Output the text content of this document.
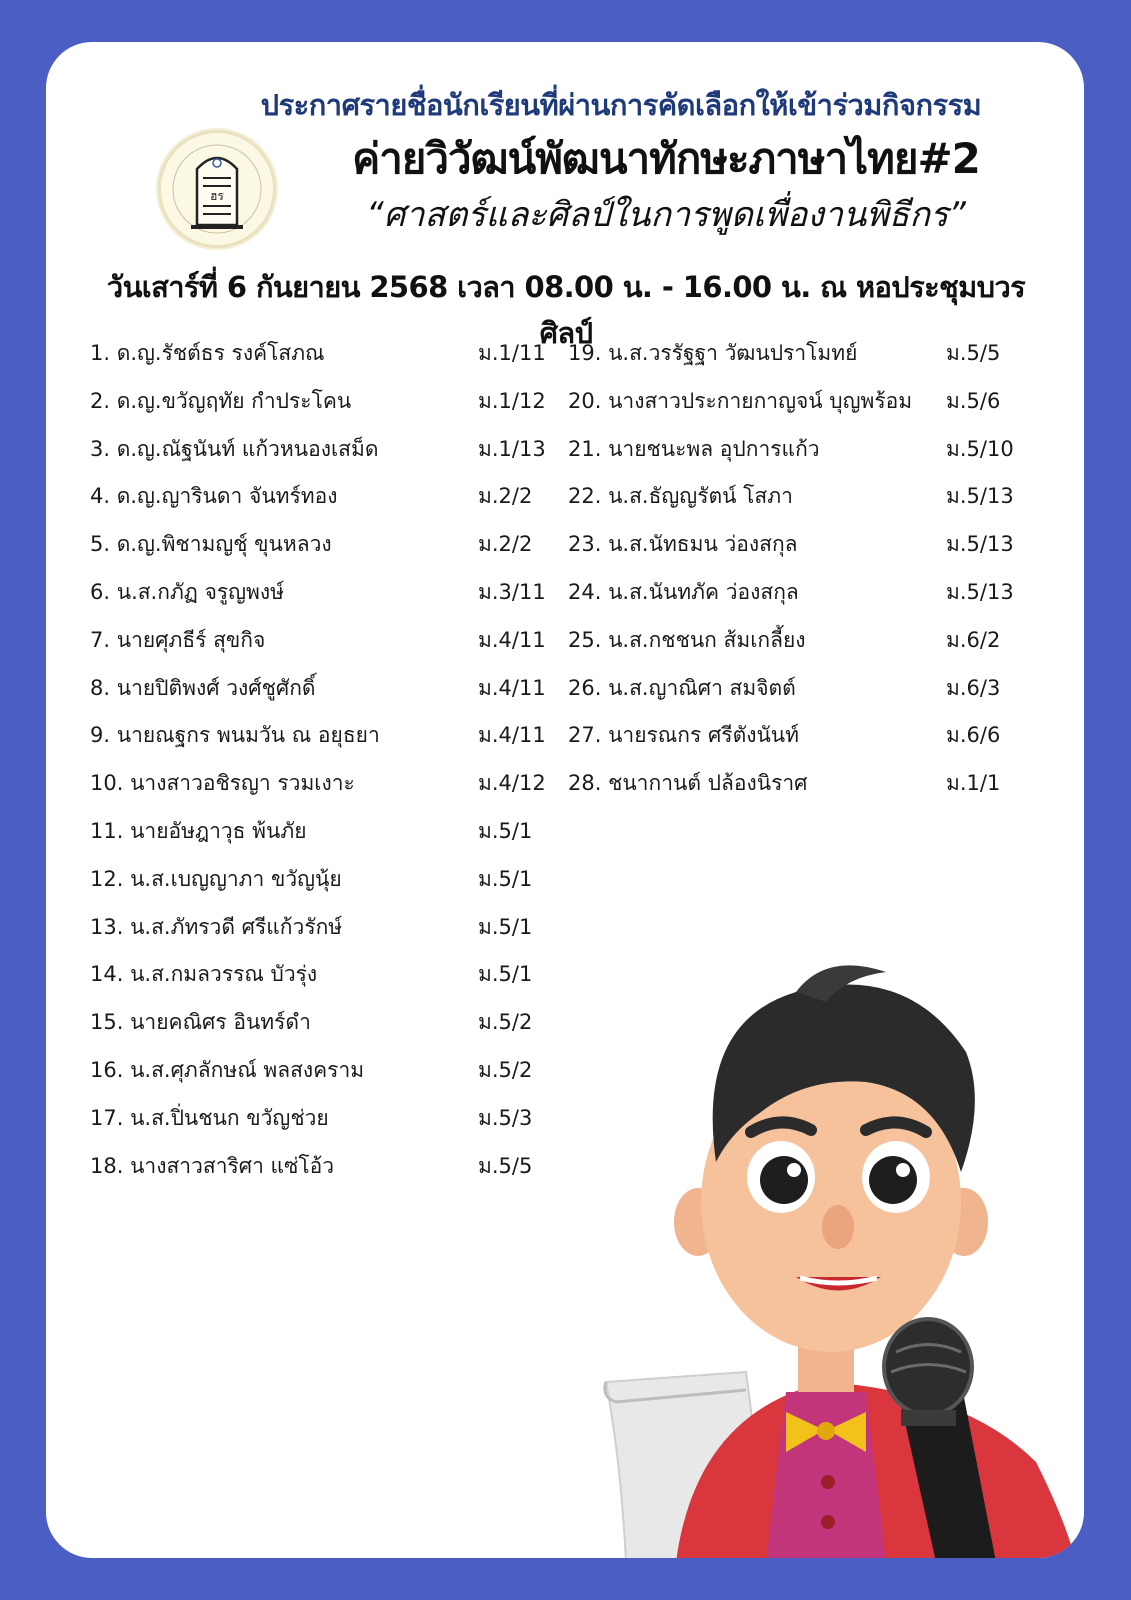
ประกาศรายชื่อนักเรียนที่ผ่านการคัดเลือกให้เข้าร่วมกิจกรรม
ฮร
ค่ายวิวัฒน์พัฒนาทักษะภาษาไทย#2
“ศาสตร์และศิลป์ในการพูดเพื่องานพิธีกร”
วันเสาร์ที่ 6 กันยายน 2568 เวลา 08.00 น. - 16.00 น. ณ หอประชุมบวรศิลป์
1. ด.ญ.รัชต์ธร รงค์โสภณ	ม.1/11
2. ด.ญ.ขวัญฤทัย กำประโคน	ม.1/12
3. ด.ญ.ณัฐนันท์ แก้วหนองเสม็ด	ม.1/13
4. ด.ญ.ญารินดา จันทร์ทอง	ม.2/2
5. ด.ญ.พิชามญชุ์ ขุนหลวง	ม.2/2
6. น.ส.กภัฏ จรูญพงษ์	ม.3/11
7. นายศุภธีร์ สุขกิจ	ม.4/11
8. นายปิติพงศ์ วงศ์ชูศักดิ์	ม.4/11
9. นายณฐกร พนมวัน ณ อยุธยา	ม.4/11
10. นางสาวอชิรญา รวมเงาะ	ม.4/12
11. นายอัษฎาวุธ พ้นภัย	ม.5/1
12. น.ส.เบญญาภา ขวัญนุ้ย	ม.5/1
13. น.ส.ภัทรวดี ศรีแก้วรักษ์	ม.5/1
14. น.ส.กมลวรรณ บัวรุ่ง	ม.5/1
15. นายคณิศร อินทร์ดำ	ม.5/2
16. น.ส.ศุภลักษณ์ พลสงคราม	ม.5/2
17. น.ส.ปิ่นชนก ขวัญช่วย	ม.5/3
18. นางสาวสาริศา แซ่โอ้ว	ม.5/5
19. น.ส.วรรัฐฐา วัฒนปราโมทย์	ม.5/5
20. นางสาวประกายกาญจน์ บุญพร้อม ม.5/6
21. นายชนะพล อุปการแก้ว	ม.5/10
22. น.ส.ธัญญรัตน์ โสภา	ม.5/13
23. น.ส.นัทธมน ว่องสกุล	ม.5/13
24. น.ส.นันทภัค ว่องสกุล	ม.5/13
25. น.ส.กชชนก ส้มเกลี้ยง	ม.6/2
26. น.ส.ญาณิศา สมจิตต์	ม.6/3
27. นายรณกร ศรีตังนันท์	ม.6/6
28. ชนากานต์ ปล้องนิราศ	ม.1/1
